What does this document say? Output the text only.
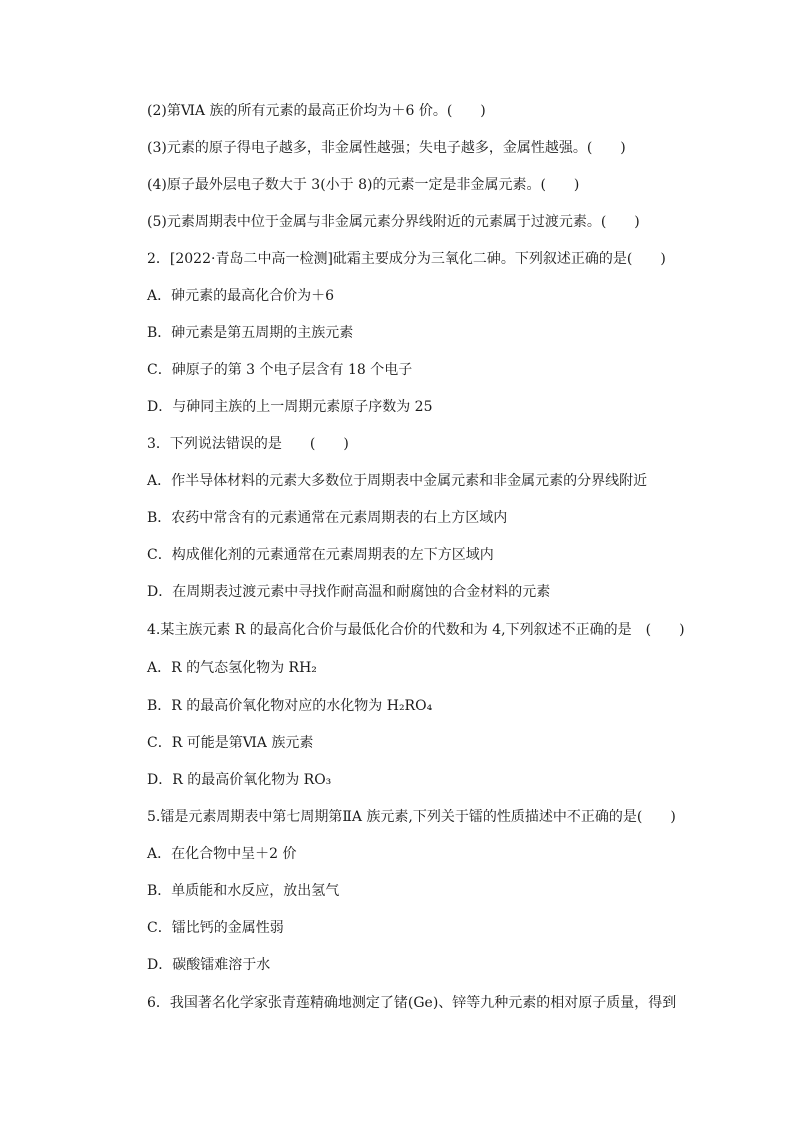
(2)第ⅥA 族的所有元素的最高正价均为＋6 价。(　　)
(3)元素的原子得电子越多，非金属性越强；失电子越多，金属性越强。(　　)
(4)原子最外层电子数大于 3(小于 8)的元素一定是非金属元素。(　　)
(5)元素周期表中位于金属与非金属元素分界线附近的元素属于过渡元素。(　　)
2．[2022·青岛二中高一检测]砒霜主要成分为三氧化二砷。下列叙述正确的是(　　)
A．砷元素的最高化合价为＋6
B．砷元素是第五周期的主族元素
C．砷原子的第 3 个电子层含有 18 个电子
D．与砷同主族的上一周期元素原子序数为 25
3．下列说法错误的是　　(　　)
A．作半导体材料的元素大多数位于周期表中金属元素和非金属元素的分界线附近
B．农药中常含有的元素通常在元素周期表的右上方区域内
C．构成催化剂的元素通常在元素周期表的左下方区域内
D．在周期表过渡元素中寻找作耐高温和耐腐蚀的合金材料的元素
4.某主族元素 R 的最高化合价与最低化合价的代数和为 4,下列叙述不正确的是　(　　)
A．R 的气态氢化物为 RH₂
B．R 的最高价氧化物对应的水化物为 H₂RO₄
C．R 可能是第ⅥA 族元素
D．R 的最高价氧化物为 RO₃
5.镭是元素周期表中第七周期第ⅡA 族元素,下列关于镭的性质描述中不正确的是(　　)
A．在化合物中呈＋2 价
B．单质能和水反应，放出氢气
C．镭比钙的金属性弱
D．碳酸镭难溶于水
6．我国著名化学家张青莲精确地测定了锗(Ge)、锌等九种元素的相对原子质量，得到
